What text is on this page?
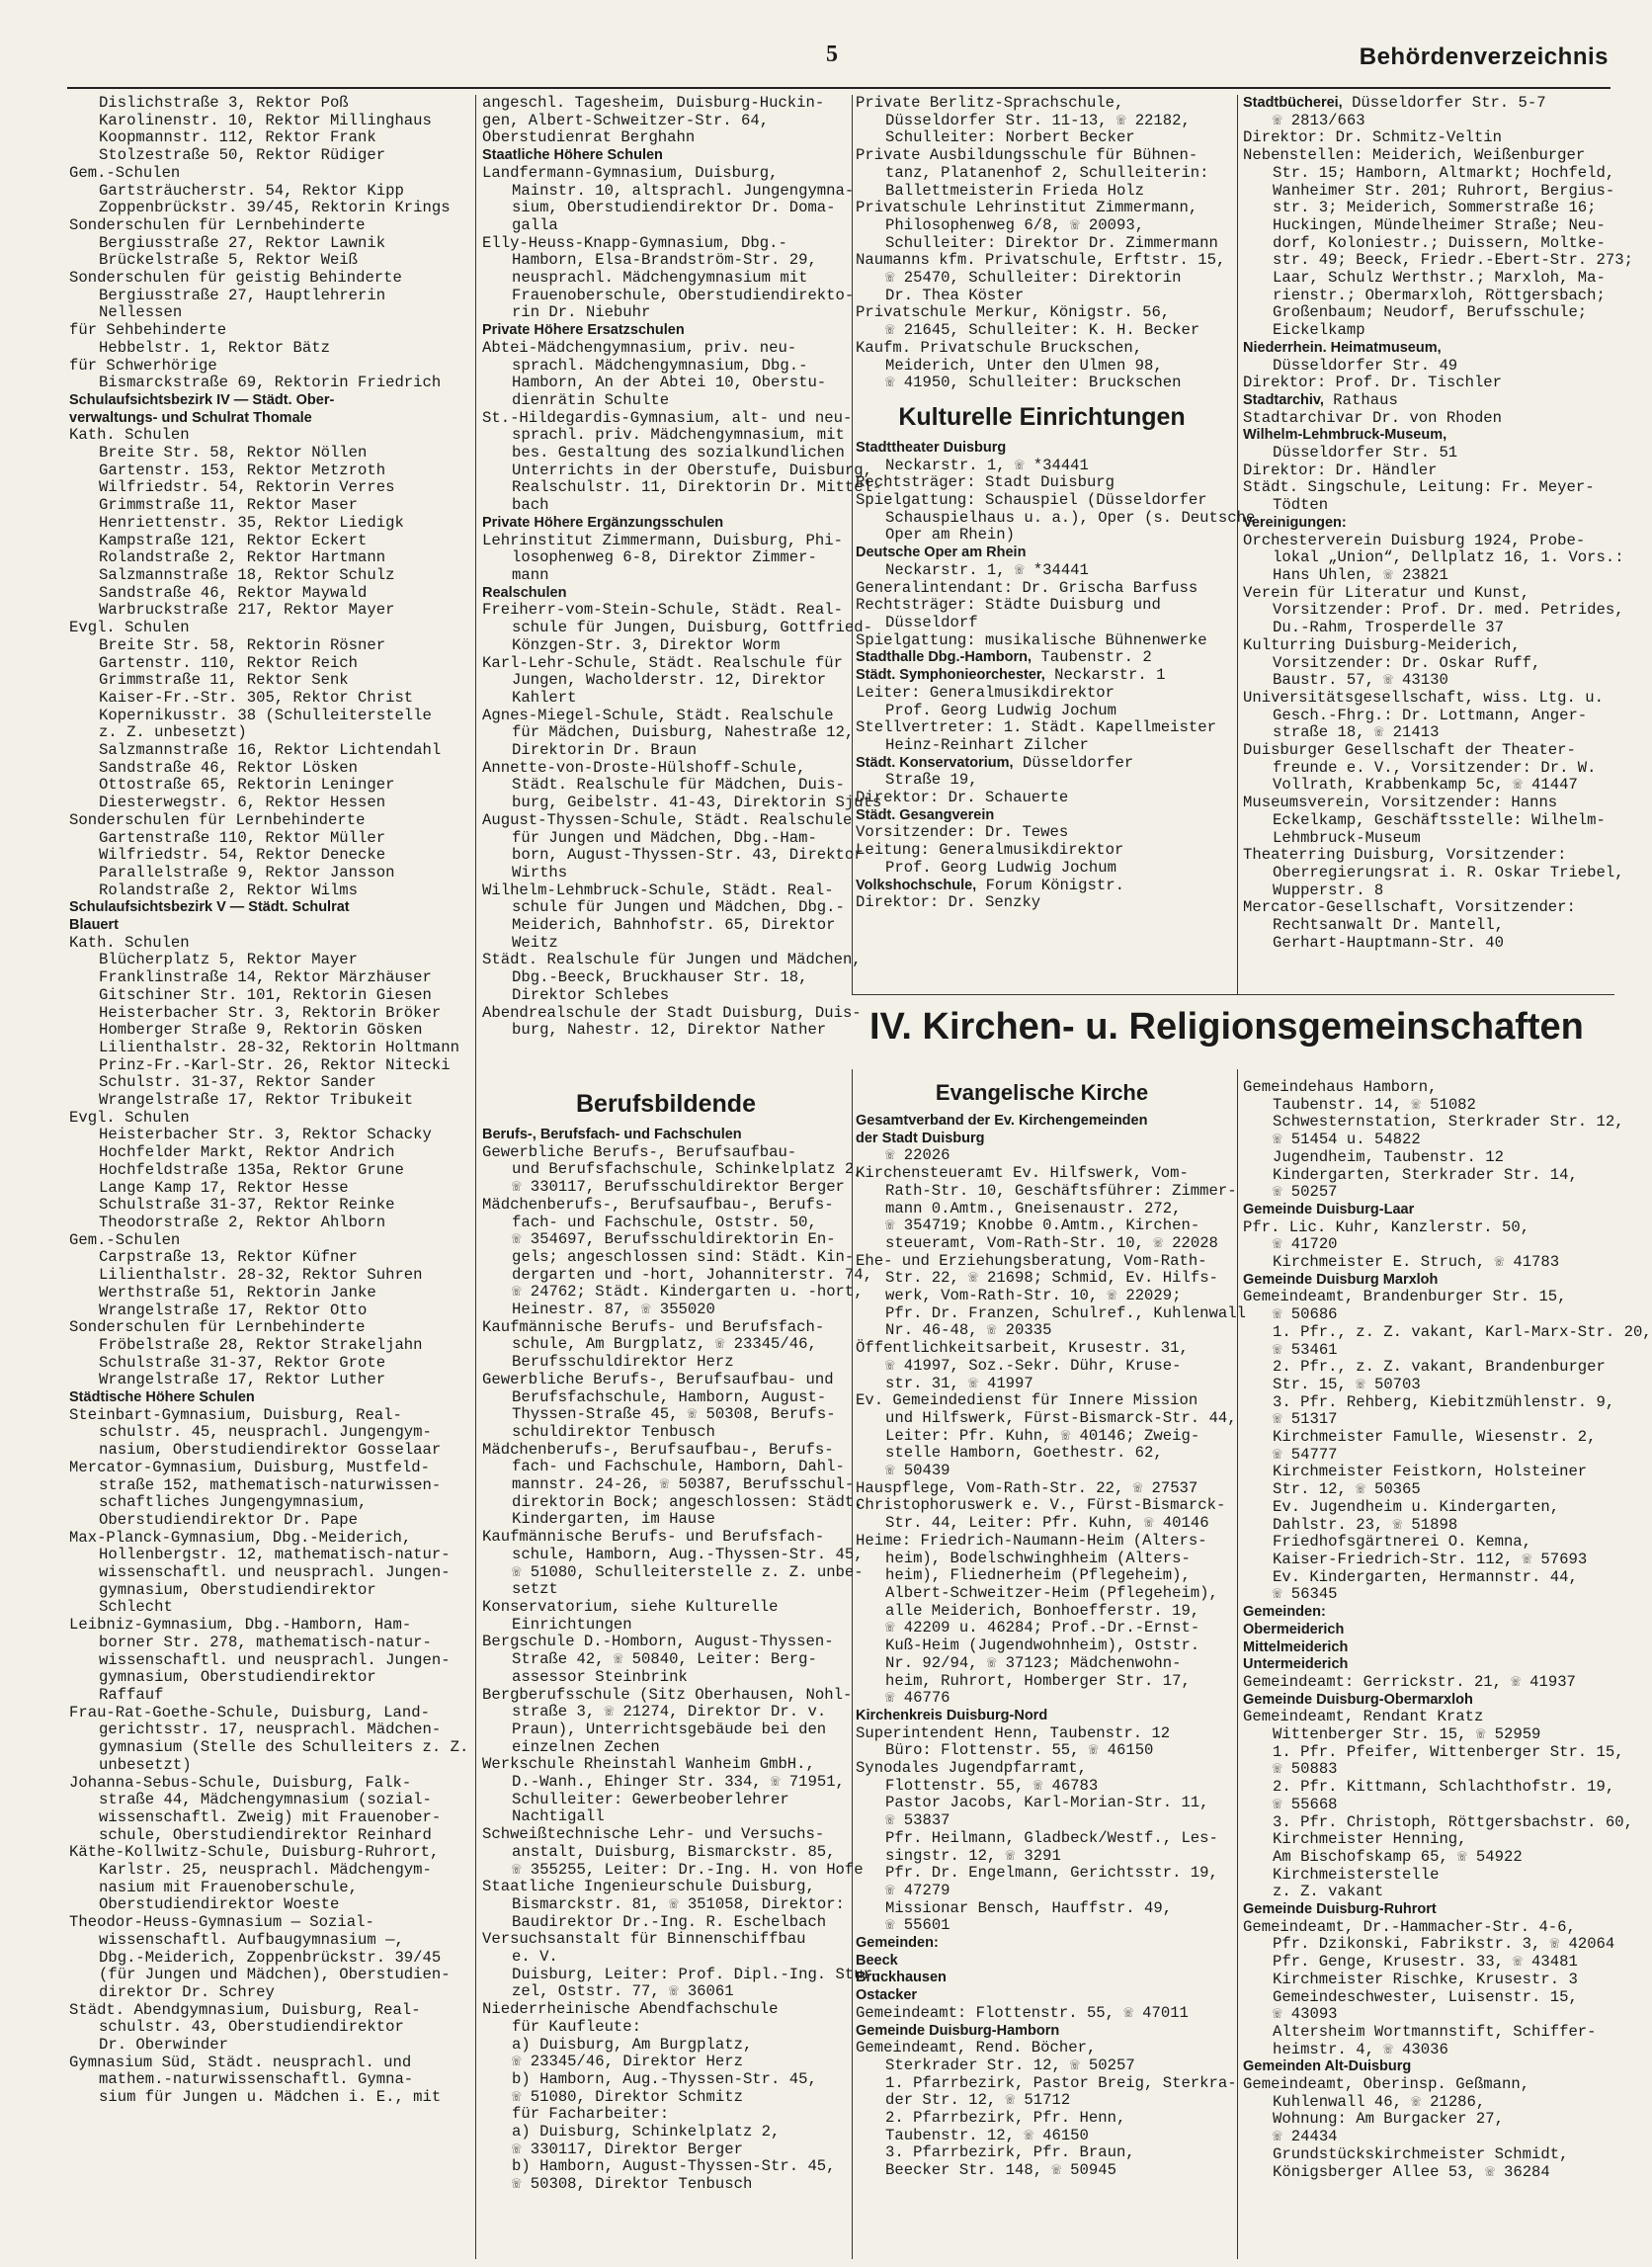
5	Behördenverzeichnis
Dislichstraße 3, Rektor Poß
Karolinenstr. 10, Rektor Millinghaus
Koopmannstr. 112, Rektor Frank
Stolzestraße 50, Rektor Rüdiger
Gem.-Schulen
Gartsträucherstr. 54, Rektor Kipp
Zoppenbrückstr. 39/45, Rektorin Krings
Sonderschulen für Lernbehinderte
Bergiusstraße 27, Rektor Lawnik
Brückelstraße 5, Rektor Weiß
Sonderschulen für geistig Behinderte
Bergiusstraße 27, Hauptlehrerin
Nellessen
für Sehbehinderte
Hebbelstr. 1, Rektor Bätz
für Schwerhörige
Bismarckstraße 69, Rektorin Friedrich
Schulaufsichtsbezirk IV — Städt. Ober-
verwaltungs- und Schulrat Thomale
Kath. Schulen
Breite Str. 58, Rektor Nöllen
Gartenstr. 153, Rektor Metzroth
Wilfriedstr. 54, Rektorin Verres
Grimmstraße 11, Rektor Maser
Henriettenstr. 35, Rektor Liedigk
Kampstraße 121, Rektor Eckert
Rolandstraße 2, Rektor Hartmann
Salzmannstraße 18, Rektor Schulz
Sandstraße 46, Rektor Maywald
Warbruckstraße 217, Rektor Mayer
Evgl. Schulen
Breite Str. 58, Rektorin Rösner
Gartenstr. 110, Rektor Reich
Grimmstraße 11, Rektor Senk
Kaiser-Fr.-Str. 305, Rektor Christ
Kopernikusstr. 38 (Schulleiterstelle
z. Z. unbesetzt)
Salzmannstraße 16, Rektor Lichtendahl
Sandstraße 46, Rektor Lösken
Ottostraße 65, Rektorin Leninger
Diesterwegstr. 6, Rektor Hessen
Sonderschulen für Lernbehinderte
Gartenstraße 110, Rektor Müller
Wilfriedstr. 54, Rektor Denecke
Parallelstraße 9, Rektor Jansson
Rolandstraße 2, Rektor Wilms
Schulaufsichtsbezirk V — Städt. Schulrat
Blauert
Kath. Schulen
Blücherplatz 5, Rektor Mayer
Franklinstraße 14, Rektor Märzhäuser
Gitschiner Str. 101, Rektorin Giesen
Heisterbacher Str. 3, Rektorin Bröker
Homberger Straße 9, Rektorin Gösken
Lilienthalstr. 28-32, Rektorin Holtmann
Prinz-Fr.-Karl-Str. 26, Rektor Nitecki
Schulstr. 31-37, Rektor Sander
Wrangelstraße 17, Rektor Tribukeit
Evgl. Schulen
Heisterbacher Str. 3, Rektor Schacky
Hochfelder Markt, Rektor Andrich
Hochfeldstraße 135a, Rektor Grune
Lange Kamp 17, Rektor Hesse
Schulstraße 31-37, Rektor Reinke
Theodorstraße 2, Rektor Ahlborn
Gem.-Schulen
Carpstraße 13, Rektor Küfner
Lilienthalstr. 28-32, Rektor Suhren
Werthstraße 51, Rektorin Janke
Wrangelstraße 17, Rektor Otto
Sonderschulen für Lernbehinderte
Fröbelstraße 28, Rektor Strakeljahn
Schulstraße 31-37, Rektor Grote
Wrangelstraße 17, Rektor Luther
Städtische Höhere Schulen
Steinbart-Gymnasium, Duisburg, Real-
schulstr. 45, neusprachl. Jungengym-
nasium, Oberstudiendirektor Gosselaar
Mercator-Gymnasium, Duisburg, Mustfeld-
straße 152, mathematisch-naturwissen-
schaftliches Jungengymnasium,
Oberstudiendirektor Dr. Pape
Max-Planck-Gymnasium, Dbg.-Meiderich,
Hollenbergstr. 12, mathematisch-natur-
wissenschaftl. und neusprachl. Jungen-
gymnasium, Oberstudiendirektor
Schlecht
Leibniz-Gymnasium, Dbg.-Hamborn, Ham-
borner Str. 278, mathematisch-natur-
wissenschaftl. und neusprachl. Jungen-
gymnasium, Oberstudiendirektor
Raffauf
Frau-Rat-Goethe-Schule, Duisburg, Land-
gerichtsstr. 17, neusprachl. Mädchen-
gymnasium (Stelle des Schulleiters z. Z.
unbesetzt)
Johanna-Sebus-Schule, Duisburg, Falk-
straße 44, Mädchengymnasium (sozial-
wissenschaftl. Zweig) mit Frauenober-
schule, Oberstudiendirektor Reinhard
Käthe-Kollwitz-Schule, Duisburg-Ruhrort,
Karlstr. 25, neusprachl. Mädchengym-
nasium mit Frauenoberschule,
Oberstudiendirektor Woeste
Theodor-Heuss-Gymnasium — Sozial-
wissenschaftl. Aufbaugymnasium —,
Dbg.-Meiderich, Zoppenbrückstr. 39/45
(für Jungen und Mädchen), Oberstudien-
direktor Dr. Schrey
Städt. Abendgymnasium, Duisburg, Real-
schulstr. 43, Oberstudiendirektor
Dr. Oberwinder
Gymnasium Süd, Städt. neusprachl. und
mathem.-naturwissenschaftl. Gymna-
sium für Jungen u. Mädchen i. E., mit
angeschl. Tagesheim, Duisburg-Huckin-
gen, Albert-Schweitzer-Str. 64,
Oberstudienrat Berghahn
Staatliche Höhere Schulen
Landfermann-Gymnasium, Duisburg,
Mainstr. 10, altsprachl. Jungengymna-
sium, Oberstudiendirektor Dr. Doma-
galla
Elly-Heuss-Knapp-Gymnasium, Dbg.-
Hamborn, Elsa-Brandström-Str. 29,
neusprachl. Mädchengymnasium mit
Frauenoberschule, Oberstudiendirekto-
rin Dr. Niebuhr
Private Höhere Ersatzschulen
Abtei-Mädchengymnasium, priv. neu-
sprachl. Mädchengymnasium, Dbg.-
Hamborn, An der Abtei 10, Oberstu-
dienrätin Schulte
St.-Hildegardis-Gymnasium, alt- und neu-
sprachl. priv. Mädchengymnasium, mit
bes. Gestaltung des sozialkundlichen
Unterrichts in der Oberstufe, Duisburg,
Realschulstr. 11, Direktorin Dr. Mittel-
bach
Private Höhere Ergänzungsschulen
Lehrinstitut Zimmermann, Duisburg, Phi-
losophenweg 6-8, Direktor Zimmer-
mann
Realschulen
Freiherr-vom-Stein-Schule, Städt. Real-
schule für Jungen, Duisburg, Gottfried-
Könzgen-Str. 3, Direktor Worm
Karl-Lehr-Schule, Städt. Realschule für
Jungen, Wacholderstr. 12, Direktor
Kahlert
Agnes-Miegel-Schule, Städt. Realschule
für Mädchen, Duisburg, Nahestraße 12,
Direktorin Dr. Braun
Annette-von-Droste-Hülshoff-Schule,
Städt. Realschule für Mädchen, Duis-
burg, Geibelstr. 41-43, Direktorin Sjuts
August-Thyssen-Schule, Städt. Realschule
für Jungen und Mädchen, Dbg.-Ham-
born, August-Thyssen-Str. 43, Direktor
Wirths
Wilhelm-Lehmbruck-Schule, Städt. Real-
schule für Jungen und Mädchen, Dbg.-
Meiderich, Bahnhofstr. 65, Direktor
Weitz
Städt. Realschule für Jungen und Mädchen,
Dbg.-Beeck, Bruckhauser Str. 18,
Direktor Schlebes
Abendrealschule der Stadt Duisburg, Duis-
burg, Nahestr. 12, Direktor Nather
Berufsbildende
Berufs-, Berufsfach- und Fachschulen
Gewerbliche Berufs-, Berufsaufbau-
und Berufsfachschule, Schinkelplatz 2,
☏ 330117, Berufsschuldirektor Berger
Mädchenberufs-, Berufsaufbau-, Berufs-
fach- und Fachschule, Oststr. 50,
☏ 354697, Berufsschuldirektorin En-
gels; angeschlossen sind: Städt. Kin-
dergarten und -hort, Johanniterstr. 74,
☏ 24762; Städt. Kindergarten u. -hort,
Heinestr. 87, ☏ 355020
Kaufmännische Berufs- und Berufsfach-
schule, Am Burgplatz, ☏ 23345/46,
Berufsschuldirektor Herz
Gewerbliche Berufs-, Berufsaufbau- und
Berufsfachschule, Hamborn, August-
Thyssen-Straße 45, ☏ 50308, Berufs-
schuldirektor Tenbusch
Mädchenberufs-, Berufsaufbau-, Berufs-
fach- und Fachschule, Hamborn, Dahl-
mannstr. 24-26, ☏ 50387, Berufsschul-
direktorin Bock; angeschlossen: Städt.
Kindergarten, im Hause
Kaufmännische Berufs- und Berufsfach-
schule, Hamborn, Aug.-Thyssen-Str. 45,
☏ 51080, Schulleiterstelle z. Z. unbe-
setzt
Konservatorium, siehe Kulturelle
Einrichtungen
Bergschule D.-Homborn, August-Thyssen-
Straße 42, ☏ 50840, Leiter: Berg-
assessor Steinbrink
Bergberufsschule (Sitz Oberhausen, Nohl-
straße 3, ☏ 21274, Direktor Dr. v.
Praun), Unterrichtsgebäude bei den
einzelnen Zechen
Werkschule Rheinstahl Wanheim GmbH.,
D.-Wanh., Ehinger Str. 334, ☏ 71951,
Schulleiter: Gewerbeoberlehrer
Nachtigall
Schweißtechnische Lehr- und Versuchs-
anstalt, Duisburg, Bismarckstr. 85,
☏ 355255, Leiter: Dr.-Ing. H. von Hofe
Staatliche Ingenieurschule Duisburg,
Bismarckstr. 81, ☏ 351058, Direktor:
Baudirektor Dr.-Ing. R. Eschelbach
Versuchsanstalt für Binnenschiffbau
e. V.
Duisburg, Leiter: Prof. Dipl.-Ing. Stur-
zel, Oststr. 77, ☏ 36061
Niederrheinische Abendfachschule
für Kaufleute:
a) Duisburg, Am Burgplatz,
☏ 23345/46, Direktor Herz
b) Hamborn, Aug.-Thyssen-Str. 45,
☏ 51080, Direktor Schmitz
für Facharbeiter:
a) Duisburg, Schinkelplatz 2,
☏ 330117, Direktor Berger
b) Hamborn, August-Thyssen-Str. 45,
☏ 50308, Direktor Tenbusch
Private Berlitz-Sprachschule,
Düsseldorfer Str. 11-13, ☏ 22182,
Schulleiter: Norbert Becker
Private Ausbildungsschule für Bühnen-
tanz, Platanenhof 2, Schulleiterin:
Ballettmeisterin Frieda Holz
Privatschule Lehrinstitut Zimmermann,
Philosophenweg 6/8, ☏ 20093,
Schulleiter: Direktor Dr. Zimmermann
Naumanns kfm. Privatschule, Erftstr. 15,
☏ 25470, Schulleiter: Direktorin
Dr. Thea Köster
Privatschule Merkur, Königstr. 56,
☏ 21645, Schulleiter: K. H. Becker
Kaufm. Privatschule Bruckschen,
Meiderich, Unter den Ulmen 98,
☏ 41950, Schulleiter: Bruckschen
Kulturelle Einrichtungen
Stadttheater Duisburg
Neckarstr. 1, ☏ *34441
Rechtsträger: Stadt Duisburg
Spielgattung: Schauspiel (Düsseldorfer
Schauspielhaus u. a.), Oper (s. Deutsche
Oper am Rhein)
Deutsche Oper am Rhein
Neckarstr. 1, ☏ *34441
Generalintendant: Dr. Grischa Barfuss
Rechtsträger: Städte Duisburg und
Düsseldorf
Spielgattung: musikalische Bühnenwerke
Stadthalle Dbg.-Hamborn, Taubenstr. 2
Städt. Symphonieorchester, Neckarstr. 1
Leiter: Generalmusikdirektor
Prof. Georg Ludwig Jochum
Stellvertreter: 1. Städt. Kapellmeister
Heinz-Reinhart Zilcher
Städt. Konservatorium, Düsseldorfer
Straße 19,
Direktor: Dr. Schauerte
Städt. Gesangverein
Vorsitzender: Dr. Tewes
Leitung: Generalmusikdirektor
Prof. Georg Ludwig Jochum
Volkshochschule, Forum Königstr.
Direktor: Dr. Senzky
Stadtbücherei, Düsseldorfer Str. 5-7
☏ 2813/663
Direktor: Dr. Schmitz-Veltin
Nebenstellen: Meiderich, Weißenburger
Str. 15; Hamborn, Altmarkt; Hochfeld,
Wanheimer Str. 201; Ruhrort, Bergius-
str. 3; Meiderich, Sommerstraße 16;
Huckingen, Mündelheimer Straße; Neu-
dorf, Koloniestr.; Duissern, Moltke-
str. 49; Beeck, Friedr.-Ebert-Str. 273;
Laar, Schulz Werthstr.; Marxloh, Ma-
rienstr.; Obermarxloh, Röttgersbach;
Großenbaum; Neudorf, Berufsschule;
Eickelkamp
Niederrhein. Heimatmuseum,
Düsseldorfer Str. 49
Direktor: Prof. Dr. Tischler
Stadtarchiv, Rathaus
Stadtarchivar Dr. von Rhoden
Wilhelm-Lehmbruck-Museum,
Düsseldorfer Str. 51
Direktor: Dr. Händler
Städt. Singschule, Leitung: Fr. Meyer-
Tödten
Vereinigungen:
Orchesterverein Duisburg 1924, Probe-
lokal „Union“, Dellplatz 16, 1. Vors.:
Hans Uhlen, ☏ 23821
Verein für Literatur und Kunst,
Vorsitzender: Prof. Dr. med. Petrides,
Du.-Rahm, Trosperdelle 37
Kulturring Duisburg-Meiderich,
Vorsitzender: Dr. Oskar Ruff,
Baustr. 57, ☏ 43130
Universitätsgesellschaft, wiss. Ltg. u.
Gesch.-Fhrg.: Dr. Lottmann, Anger-
straße 18, ☏ 21413
Duisburger Gesellschaft der Theater-
freunde e. V., Vorsitzender: Dr. W.
Vollrath, Krabbenkamp 5c, ☏ 41447
Museumsverein, Vorsitzender: Hanns
Eckelkamp, Geschäftsstelle: Wilhelm-
Lehmbruck-Museum
Theaterring Duisburg, Vorsitzender:
Oberregierungsrat i. R. Oskar Triebel,
Wupperstr. 8
Mercator-Gesellschaft, Vorsitzender:
Rechtsanwalt Dr. Mantell,
Gerhart-Hauptmann-Str. 40
IV. Kirchen- u. Religionsgemeinschaften
Evangelische Kirche
Gesamtverband der Ev. Kirchengemeinden
der Stadt Duisburg
☏ 22026
Kirchensteueramt Ev. Hilfswerk, Vom-
Rath-Str. 10, Geschäftsführer: Zimmer-
mann 0.Amtm., Gneisenaustr. 272,
☏ 354719; Knobbe 0.Amtm., Kirchen-
steueramt, Vom-Rath-Str. 10, ☏ 22028
Ehe- und Erziehungsberatung, Vom-Rath-
Str. 22, ☏ 21698; Schmid, Ev. Hilfs-
werk, Vom-Rath-Str. 10, ☏ 22029;
Pfr. Dr. Franzen, Schulref., Kuhlenwall
Nr. 46-48, ☏ 20335
Öffentlichkeitsarbeit, Krusestr. 31,
☏ 41997, Soz.-Sekr. Dühr, Kruse-
str. 31, ☏ 41997
Ev. Gemeindedienst für Innere Mission
und Hilfswerk, Fürst-Bismarck-Str. 44,
Leiter: Pfr. Kuhn, ☏ 40146; Zweig-
stelle Hamborn, Goethestr. 62,
☏ 50439
Hauspflege, Vom-Rath-Str. 22, ☏ 27537
Christophoruswerk e. V., Fürst-Bismarck-
Str. 44, Leiter: Pfr. Kuhn, ☏ 40146
Heime: Friedrich-Naumann-Heim (Alters-
heim), Bodelschwinghheim (Alters-
heim), Fliednerheim (Pflegeheim),
Albert-Schweitzer-Heim (Pflegeheim),
alle Meiderich, Bonhoefferstr. 19,
☏ 42209 u. 46284; Prof.-Dr.-Ernst-
Kuß-Heim (Jugendwohnheim), Oststr.
Nr. 92/94, ☏ 37123; Mädchenwohn-
heim, Ruhrort, Homberger Str. 17,
☏ 46776
Kirchenkreis Duisburg-Nord
Superintendent Henn, Taubenstr. 12
Büro: Flottenstr. 55, ☏ 46150
Synodales Jugendpfarramt,
Flottenstr. 55, ☏ 46783
Pastor Jacobs, Karl-Morian-Str. 11,
☏ 53837
Pfr. Heilmann, Gladbeck/Westf., Les-
singstr. 12, ☏ 3291
Pfr. Dr. Engelmann, Gerichtsstr. 19,
☏ 47279
Missionar Bensch, Hauffstr. 49,
☏ 55601
Gemeinden:
Beeck
Bruckhausen
Ostacker
Gemeindeamt: Flottenstr. 55, ☏ 47011
Gemeinde Duisburg-Hamborn
Gemeindeamt, Rend. Böcher,
Sterkrader Str. 12, ☏ 50257
1. Pfarrbezirk, Pastor Breig, Sterkra-
der Str. 12, ☏ 51712
2. Pfarrbezirk, Pfr. Henn,
Taubenstr. 12, ☏ 46150
3. Pfarrbezirk, Pfr. Braun,
Beecker Str. 148, ☏ 50945
Gemeindehaus Hamborn,
Taubenstr. 14, ☏ 51082
Schwesternstation, Sterkrader Str. 12,
☏ 51454 u. 54822
Jugendheim, Taubenstr. 12
Kindergarten, Sterkrader Str. 14,
☏ 50257
Gemeinde Duisburg-Laar
Pfr. Lic. Kuhr, Kanzlerstr. 50,
☏ 41720
Kirchmeister E. Struch, ☏ 41783
Gemeinde Duisburg Marxloh
Gemeindeamt, Brandenburger Str. 15,
☏ 50686
1. Pfr., z. Z. vakant, Karl-Marx-Str. 20,
☏ 53461
2. Pfr., z. Z. vakant, Brandenburger
Str. 15, ☏ 50703
3. Pfr. Rehberg, Kiebitzmühlenstr. 9,
☏ 51317
Kirchmeister Famulle, Wiesenstr. 2,
☏ 54777
Kirchmeister Feistkorn, Holsteiner
Str. 12, ☏ 50365
Ev. Jugendheim u. Kindergarten,
Dahlstr. 23, ☏ 51898
Friedhofsgärtnerei O. Kemna,
Kaiser-Friedrich-Str. 112, ☏ 57693
Ev. Kindergarten, Hermannstr. 44,
☏ 56345
Gemeinden:
Obermeiderich
Mittelmeiderich
Untermeiderich
Gemeindeamt: Gerrickstr. 21, ☏ 41937
Gemeinde Duisburg-Obermarxloh
Gemeindeamt, Rendant Kratz
Wittenberger Str. 15, ☏ 52959
1. Pfr. Pfeifer, Wittenberger Str. 15,
☏ 50883
2. Pfr. Kittmann, Schlachthofstr. 19,
☏ 55668
3. Pfr. Christoph, Röttgersbachstr. 60,
Kirchmeister Henning,
Am Bischofskamp 65, ☏ 54922
Kirchmeisterstelle
z. Z. vakant
Gemeinde Duisburg-Ruhrort
Gemeindeamt, Dr.-Hammacher-Str. 4-6,
Pfr. Dzikonski, Fabrikstr. 3, ☏ 42064
Pfr. Genge, Krusestr. 33, ☏ 43481
Kirchmeister Rischke, Krusestr. 3
Gemeindeschwester, Luisenstr. 15,
☏ 43093
Altersheim Wortmannstift, Schiffer-
heimstr. 4, ☏ 43036
Gemeinden Alt-Duisburg
Gemeindeamt, Oberinsp. Geßmann,
Kuhlenwall 46, ☏ 21286,
Wohnung: Am Burgacker 27,
☏ 24434
Grundstückskirchmeister Schmidt,
Königsberger Allee 53, ☏ 36284
